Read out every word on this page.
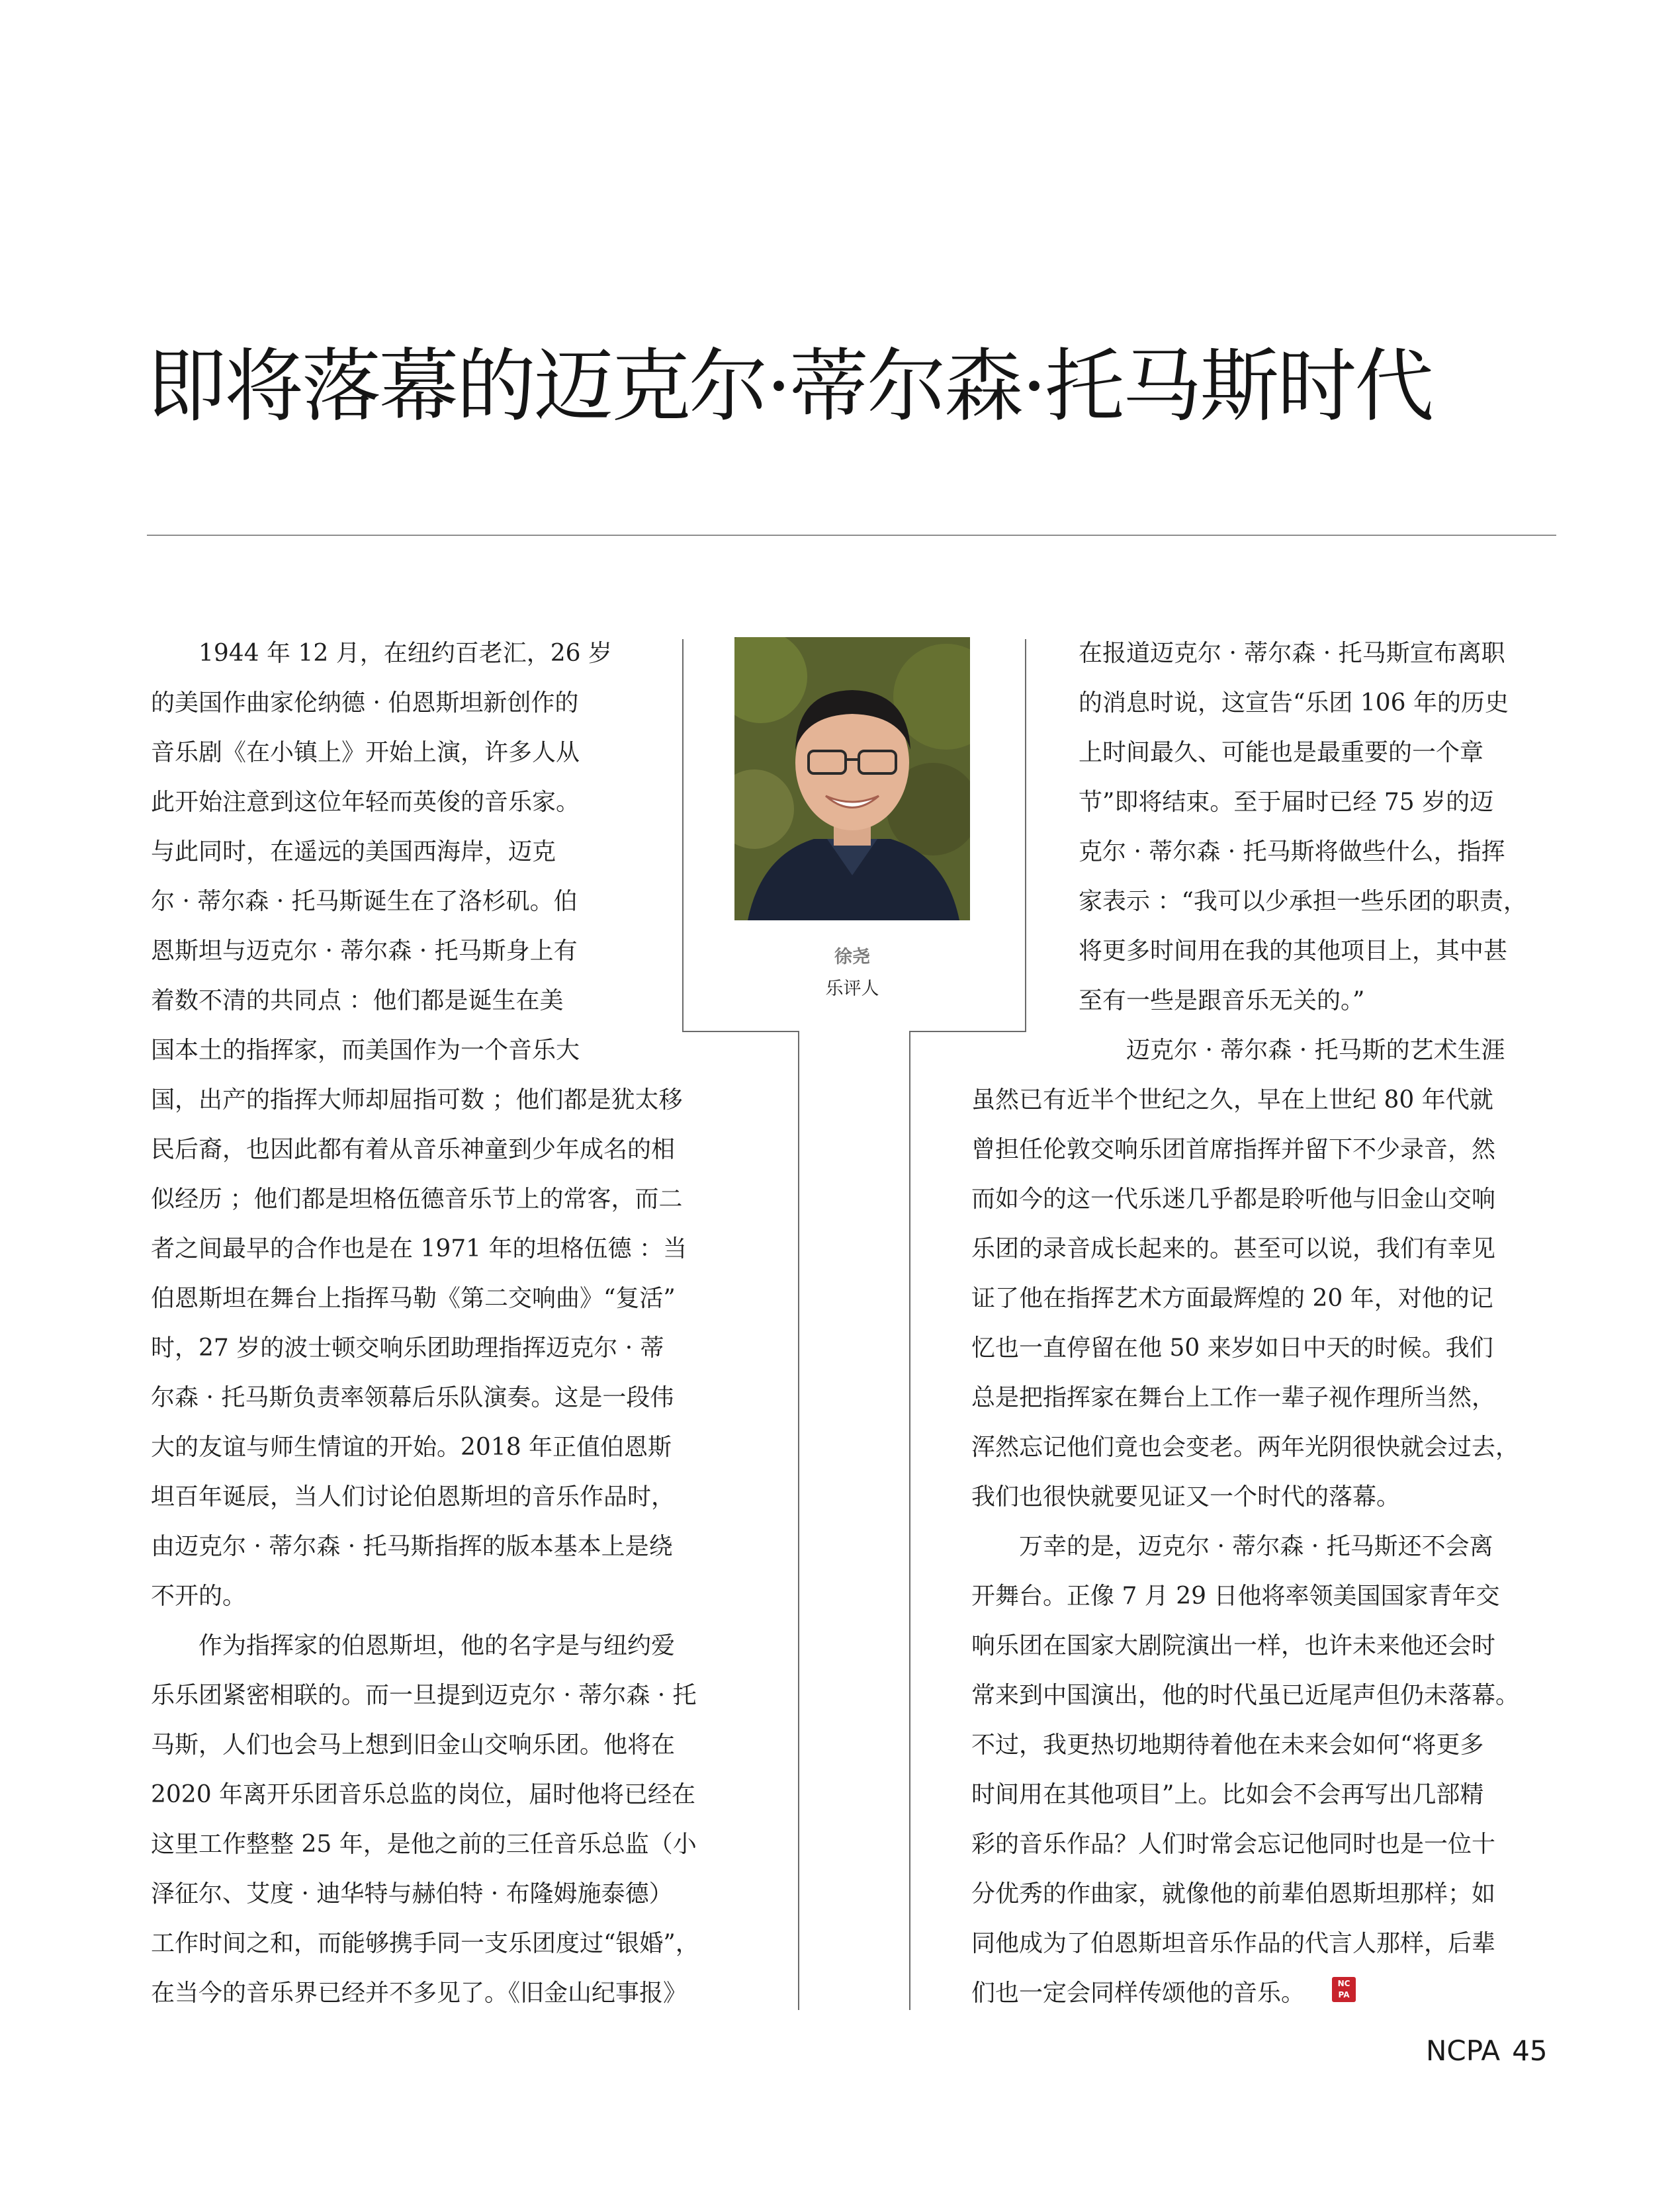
即将落幕的迈克尔·蒂尔森·托马斯时代
　　1944 年 12 月，在纽约百老汇，26 岁
的美国作曲家伦纳德 · 伯恩斯坦新创作的
音乐剧《在小镇上》开始上演，许多人从
此开始注意到这位年轻而英俊的音乐家。
与此同时，在遥远的美国西海岸，迈克
尔 · 蒂尔森 · 托马斯诞生在了洛杉矶。伯
恩斯坦与迈克尔 · 蒂尔森 · 托马斯身上有
着数不清的共同点 ：他们都是诞生在美
国本土的指挥家，而美国作为一个音乐大
国，出产的指挥大师却屈指可数 ；他们都是犹太移
民后裔，也因此都有着从音乐神童到少年成名的相
似经历 ；他们都是坦格伍德音乐节上的常客，而二
者之间最早的合作也是在 1971 年的坦格伍德 ：当
伯恩斯坦在舞台上指挥马勒《第二交响曲》“复活”
时，27 岁的波士顿交响乐团助理指挥迈克尔 · 蒂
尔森 · 托马斯负责率领幕后乐队演奏。这是一段伟
大的友谊与师生情谊的开始。2018 年正值伯恩斯
坦百年诞辰，当人们讨论伯恩斯坦的音乐作品时，
由迈克尔 · 蒂尔森 · 托马斯指挥的版本基本上是绕
不开的。
　　作为指挥家的伯恩斯坦，他的名字是与纽约爱
乐乐团紧密相联的。而一旦提到迈克尔 · 蒂尔森 · 托
马斯，人们也会马上想到旧金山交响乐团。他将在
2020 年离开乐团音乐总监的岗位，届时他将已经在
这里工作整整 25 年，是他之前的三任音乐总监（小
泽征尔、艾度 · 迪华特与赫伯特 · 布隆姆施泰德）
工作时间之和，而能够携手同一支乐团度过“银婚”，
在当今的音乐界已经并不多见了。《旧金山纪事报》
在报道迈克尔 · 蒂尔森 · 托马斯宣布离职
的消息时说，这宣告“乐团 106 年的历史
上时间最久、可能也是最重要的一个章
节”即将结束。至于届时已经 75 岁的迈
克尔 · 蒂尔森 · 托马斯将做些什么，指挥
家表示 ：“我可以少承担一些乐团的职责，
将更多时间用在我的其他项目上，其中甚
至有一些是跟音乐无关的。”
　　迈克尔 · 蒂尔森 · 托马斯的艺术生涯
虽然已有近半个世纪之久，早在上世纪 80 年代就
曾担任伦敦交响乐团首席指挥并留下不少录音，然
而如今的这一代乐迷几乎都是聆听他与旧金山交响
乐团的录音成长起来的。甚至可以说，我们有幸见
证了他在指挥艺术方面最辉煌的 20 年，对他的记
忆也一直停留在他 50 来岁如日中天的时候。我们
总是把指挥家在舞台上工作一辈子视作理所当然，
浑然忘记他们竟也会变老。两年光阴很快就会过去，
我们也很快就要见证又一个时代的落幕。
　　万幸的是，迈克尔 · 蒂尔森 · 托马斯还不会离
开舞台。正像 7 月 29 日他将率领美国国家青年交
响乐团在国家大剧院演出一样，也许未来他还会时
常来到中国演出，他的时代虽已近尾声但仍未落幕。
不过，我更热切地期待着他在未来会如何“将更多
时间用在其他项目”上。比如会不会再写出几部精
彩的音乐作品？人们时常会忘记他同时也是一位十
分优秀的作曲家，就像他的前辈伯恩斯坦那样；如
同他成为了伯恩斯坦音乐作品的代言人那样，后辈
们也一定会同样传颂他的音乐。
徐尧
乐评人
NC
PA
NCPA 45
